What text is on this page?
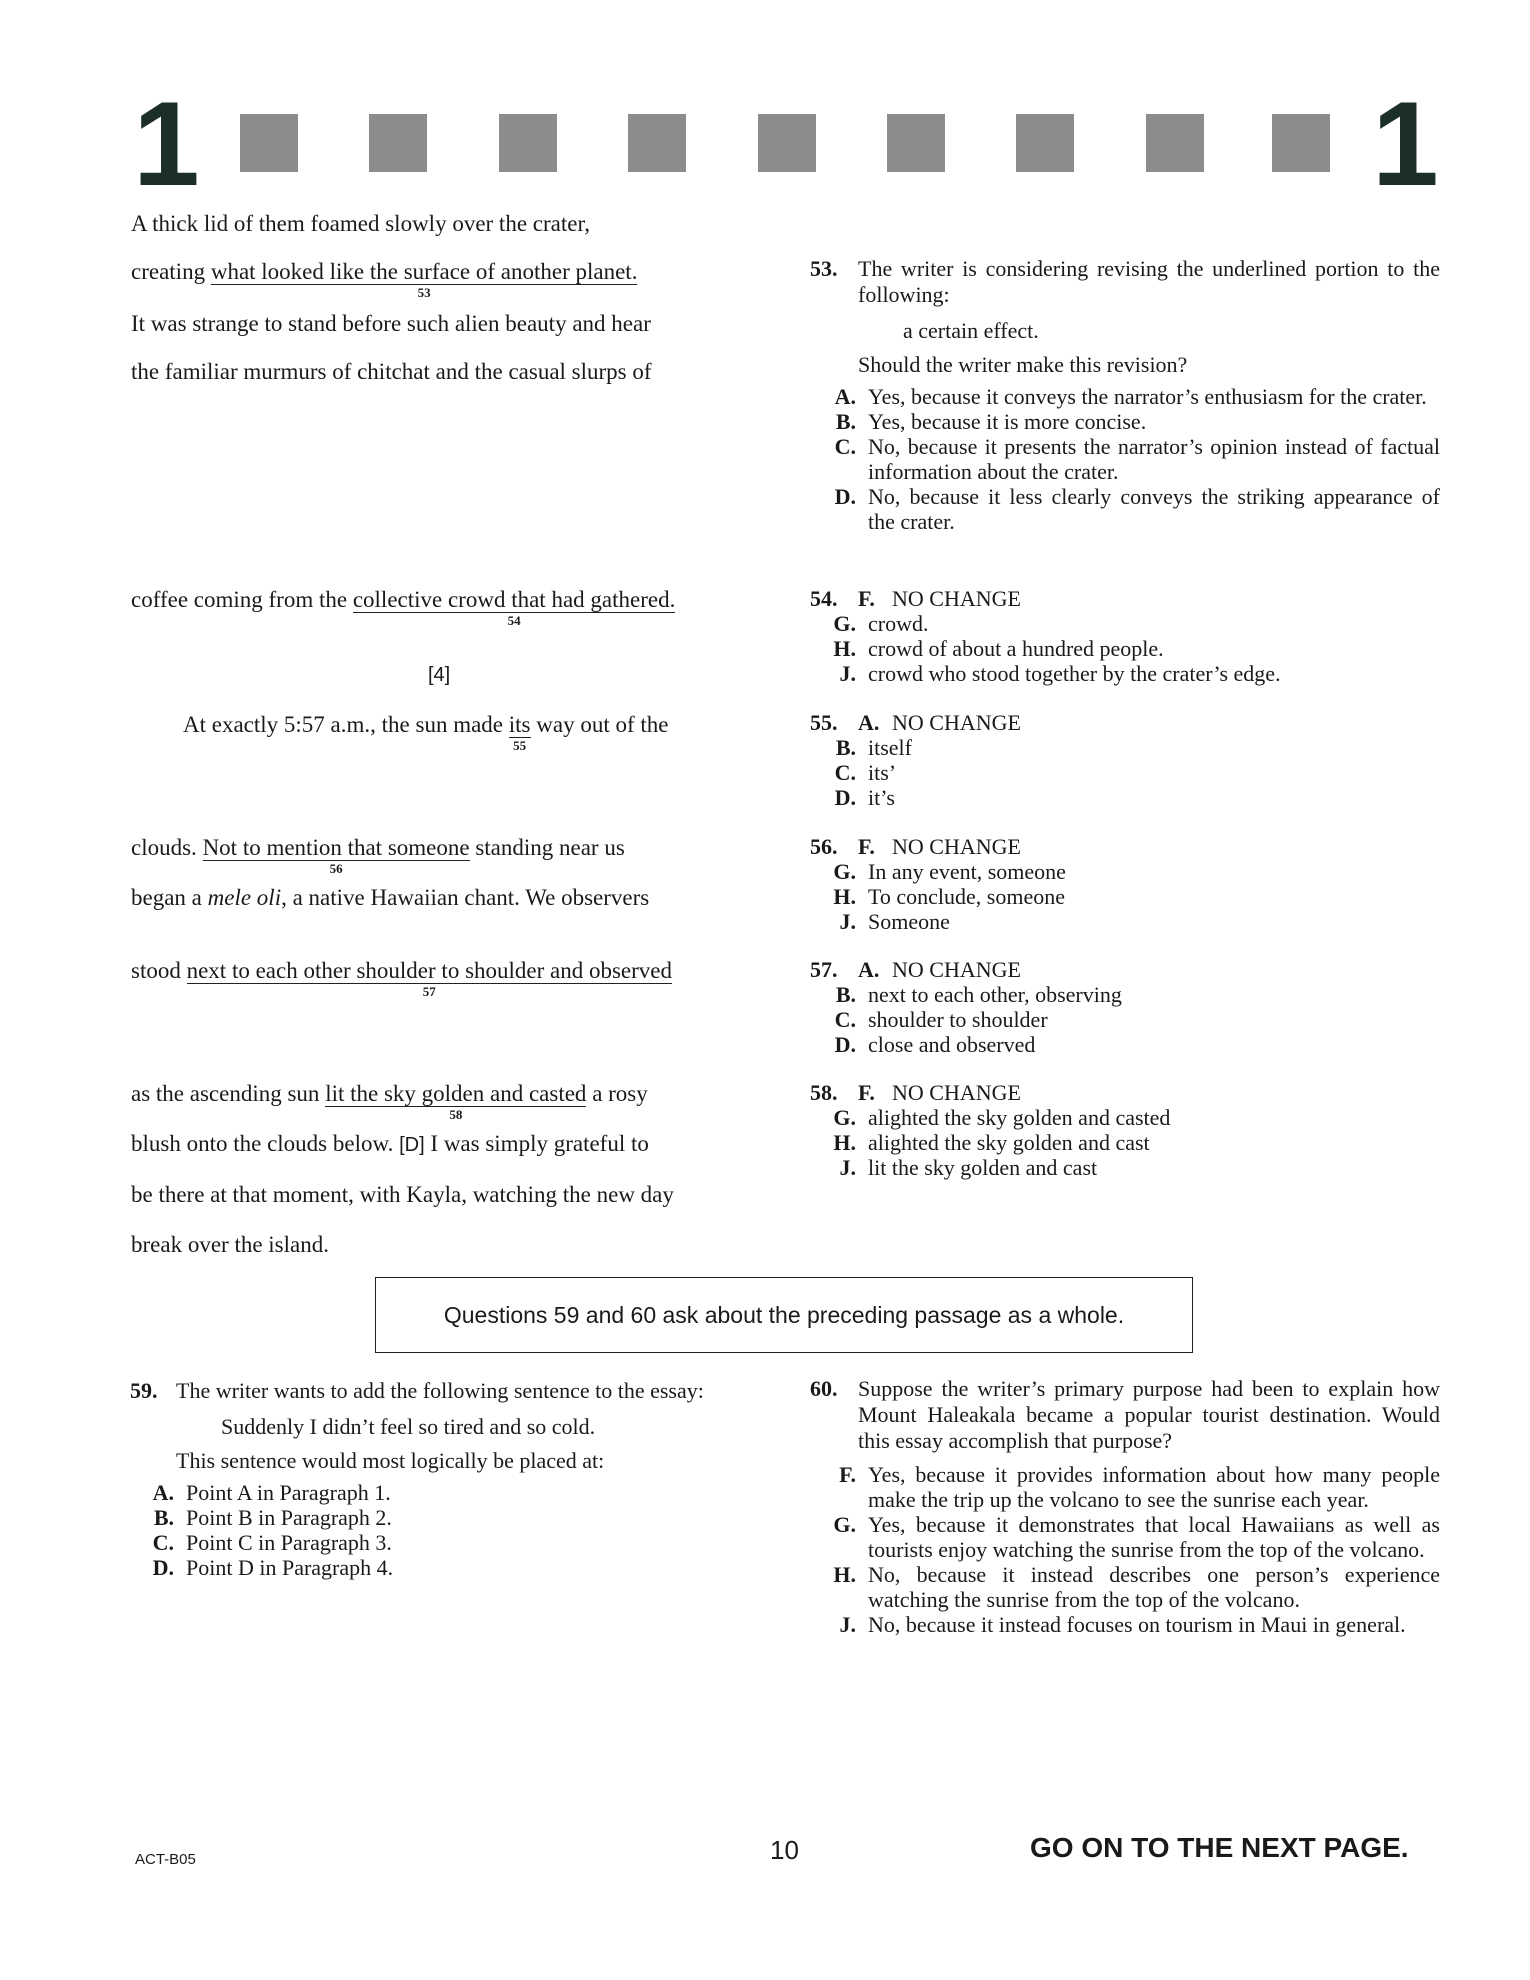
1	1
A thick lid of them foamed slowly over the crater,
creating what looked like the surface of another planet.
53
It was strange to stand before such alien beauty and hear
the familiar murmurs of chitchat and the casual slurps of
coffee coming from the collective crowd that had gathered.
54
[4]
At exactly 5:57 a.m., the sun made its
55
way out of the
clouds. Not to mention that someone
56
standing near us
began a mele oli, a native Hawaiian chant. We observers
stood next to each other shoulder to shoulder and observed
57
as the ascending sun lit the sky golden and casted
58
a rosy
blush onto the clouds below. [D] I was simply grateful to
be there at that moment, with Kayla, watching the new day
break over the island.
53. The writer is considering revising the underlined portion to the following:
a certain effect.
Should the writer make this revision?
A. Yes, because it conveys the narrator’s enthusiasm for the crater.
B. Yes, because it is more concise.
C. No, because it presents the narrator’s opinion instead of factual information about the crater.
D. No, because it less clearly conveys the striking appearance of the crater.
54. F. NO CHANGE
G. crowd.
H. crowd of about a hundred people.
J. crowd who stood together by the crater’s edge.
55. A. NO CHANGE
B. itself
C. its’
D. it’s
56. F. NO CHANGE
G. In any event, someone
H. To conclude, someone
J. Someone
57. A. NO CHANGE
B. next to each other, observing
C. shoulder to shoulder
D. close and observed
58. F. NO CHANGE
G. alighted the sky golden and casted
H. alighted the sky golden and cast
J. lit the sky golden and cast
Questions 59 and 60 ask about the preceding passage as a whole.
59. The writer wants to add the following sentence to the essay:
Suddenly I didn’t feel so tired and so cold.
This sentence would most logically be placed at:
A. Point A in Paragraph 1.
B. Point B in Paragraph 2.
C. Point C in Paragraph 3.
D. Point D in Paragraph 4.
60. Suppose the writer’s primary purpose had been to explain how Mount Haleakala became a popular tourist destination. Would this essay accomplish that purpose?
F. Yes, because it provides information about how many people make the trip up the volcano to see the sunrise each year.
G. Yes, because it demonstrates that local Hawaiians as well as tourists enjoy watching the sunrise from the top of the volcano.
H. No, because it instead describes one person’s experience watching the sunrise from the top of the volcano.
J. No, because it instead focuses on tourism in Maui in general.
ACT-B05	10	GO ON TO THE NEXT PAGE.
